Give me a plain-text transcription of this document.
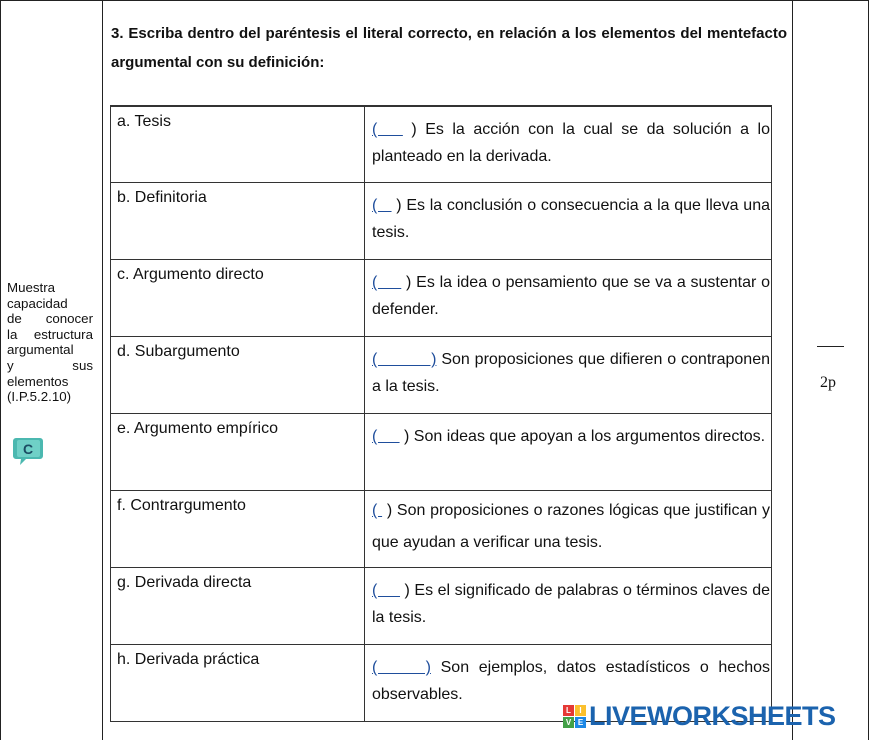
Muestra
capacidad
de conocer
la estructura
argumental
y sus
elementos
(I.P.5.2.10)
C
3. Escriba dentro del paréntesis el literal correcto, en relación a los elementos del mentefacto argumental con su definición:
a. Tesis	(    ) Es la acción con la cual se da solución a lo planteado en la derivada.
b. Definitoria	(    ) Es la conclusión o consecuencia a la que lleva una tesis.
c. Argumento directo	(      ) Es la idea o pensamiento que se va a sustentar o defender.
d. Subargumento	(           ) Son proposiciones que difieren o contraponen a la tesis.
e. Argumento empírico	(      ) Son ideas que apoyan a los argumentos directos.
f. Contrargumento	(  ) Son proposiciones o razones lógicas que justifican y que ayudan a verificar una tesis.
g. Derivada directa	(      ) Es el significado de palabras o términos claves de la tesis.
h. Derivada práctica	(     ) Son ejemplos, datos estadísticos o hechos observables.
2p
L	I
V E LIVEWORKSHEETS
